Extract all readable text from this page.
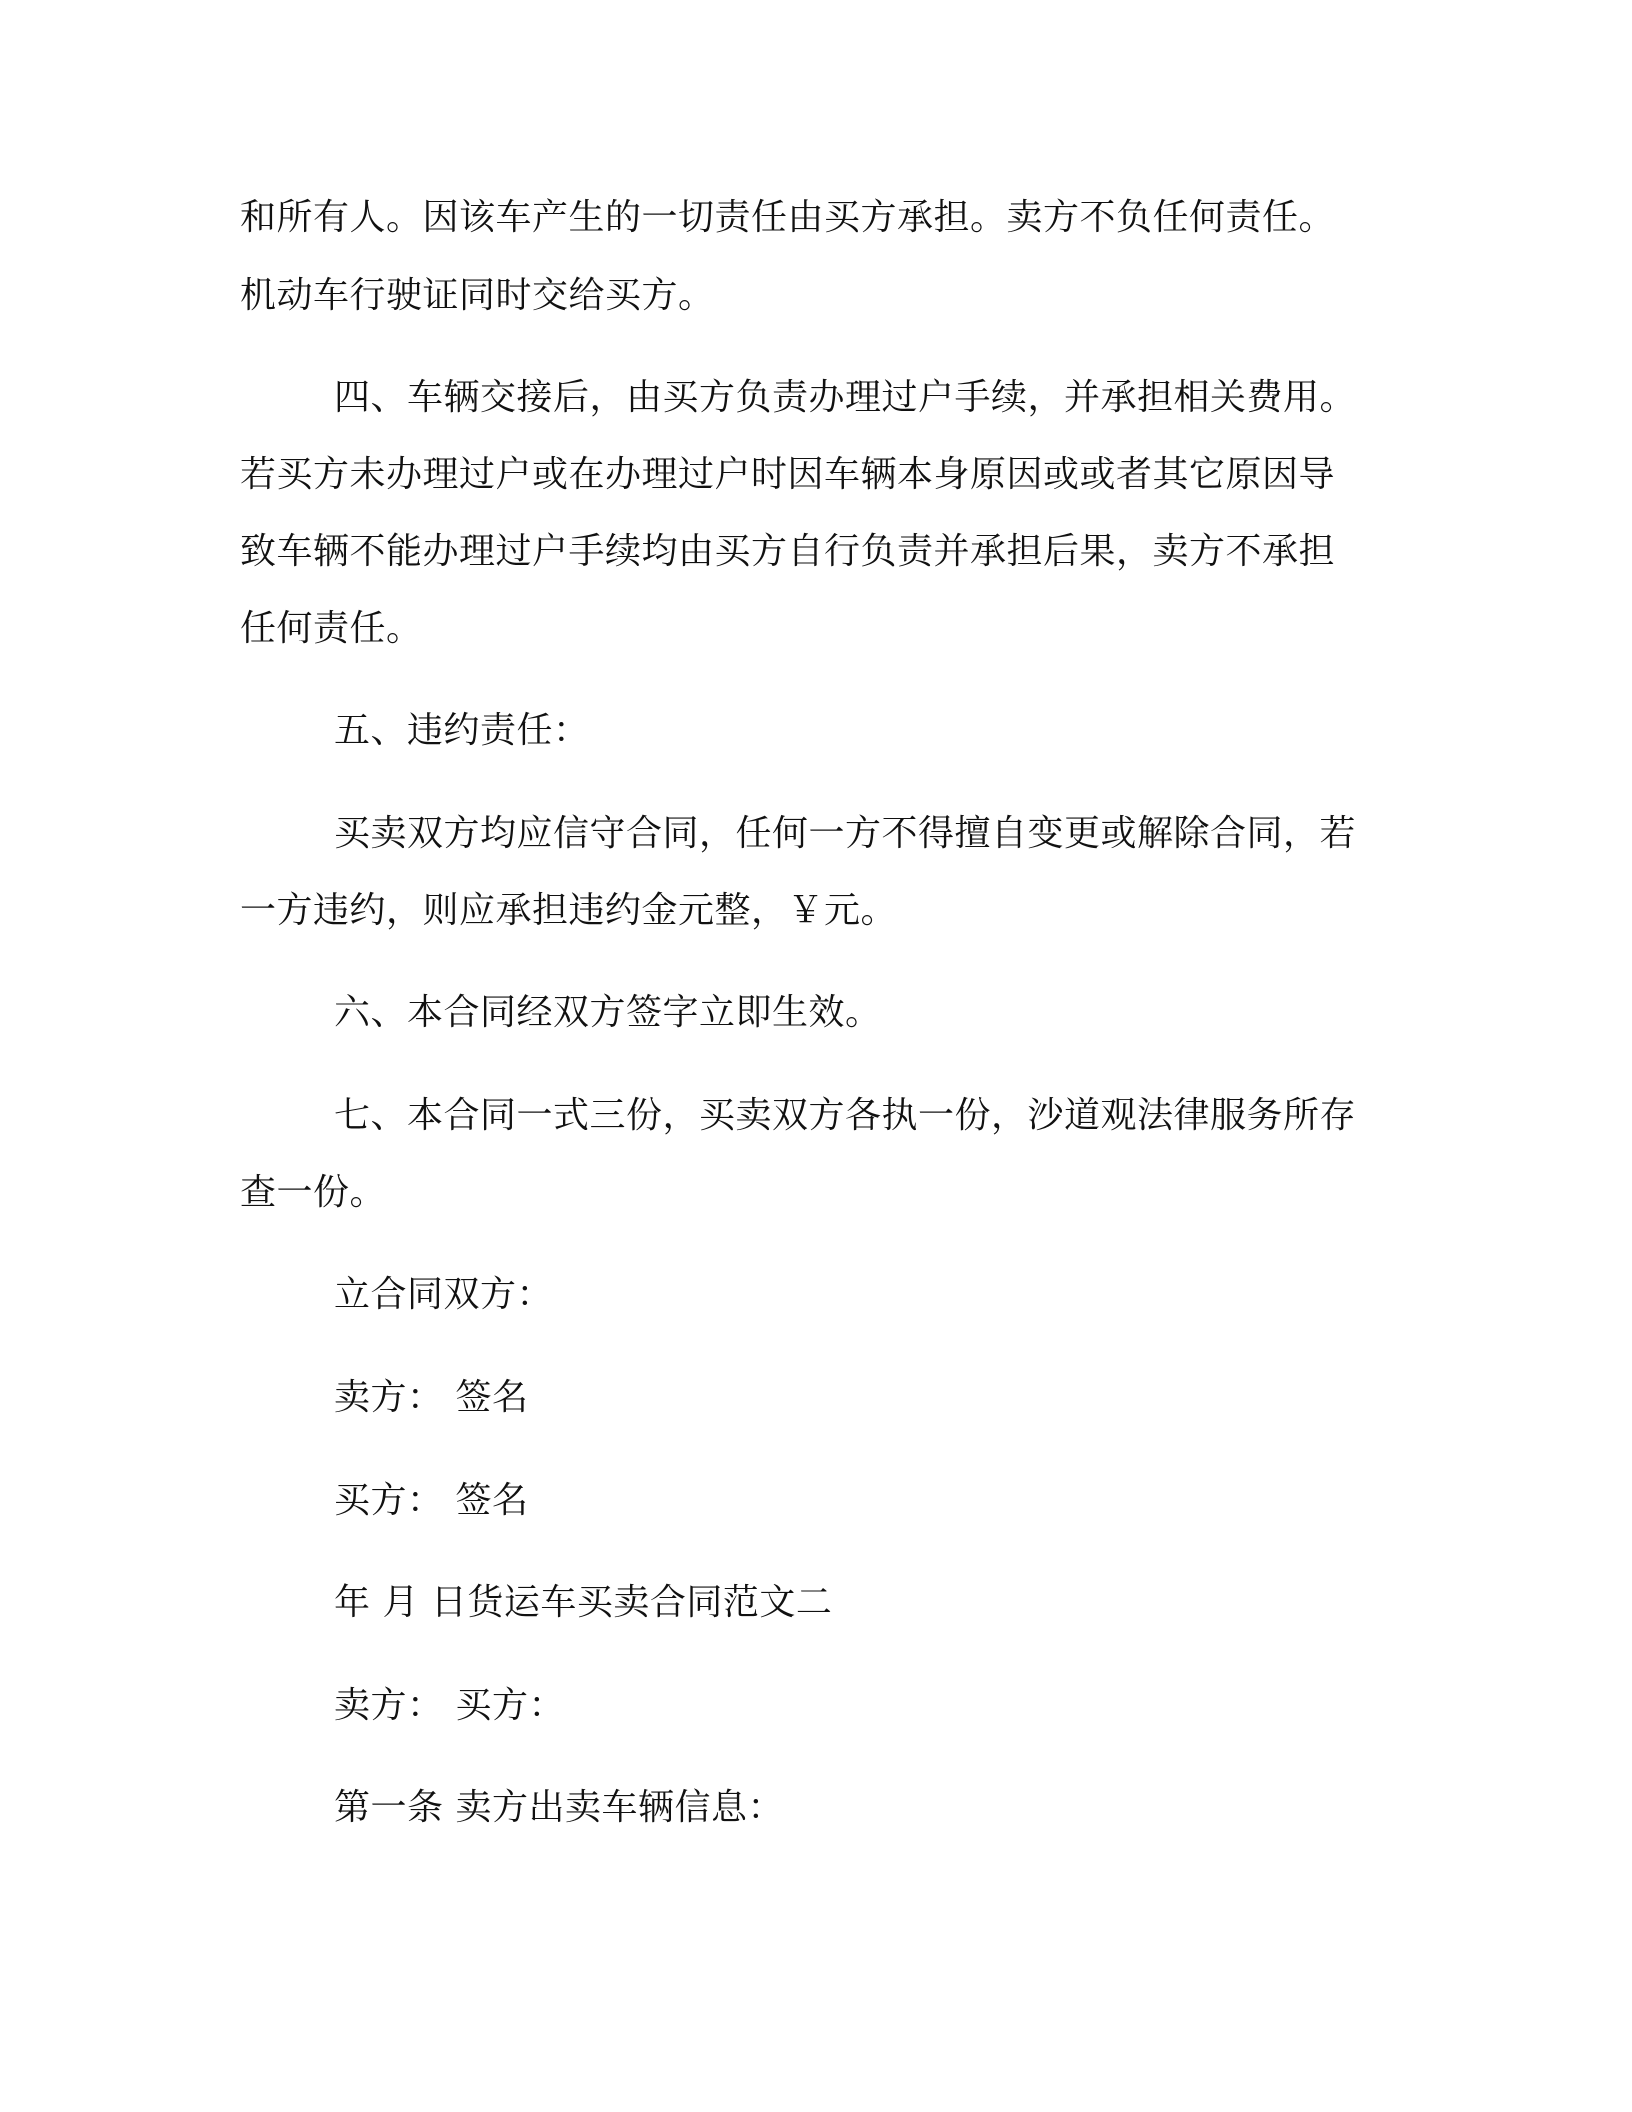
和所有人。因该车产生的一切责任由买方承担。卖方不负任何责任。
机动车行驶证同时交给买方。
四、车辆交接后，由买方负责办理过户手续，并承担相关费用。
若买方未办理过户或在办理过户时因车辆本身原因或或者其它原因导
致车辆不能办理过户手续均由买方自行负责并承担后果，卖方不承担
任何责任。
五、违约责任：
买卖双方均应信守合同，任何一方不得擅自变更或解除合同，若
一方违约，则应承担违约金元整，￥元。
六、本合同经双方签字立即生效。
七、本合同一式三份，买卖双方各执一份，沙道观法律服务所存
查一份。
立合同双方：
卖方： 签名
买方： 签名
年 月 日货运车买卖合同范文二
卖方： 买方：
第一条 卖方出卖车辆信息：
